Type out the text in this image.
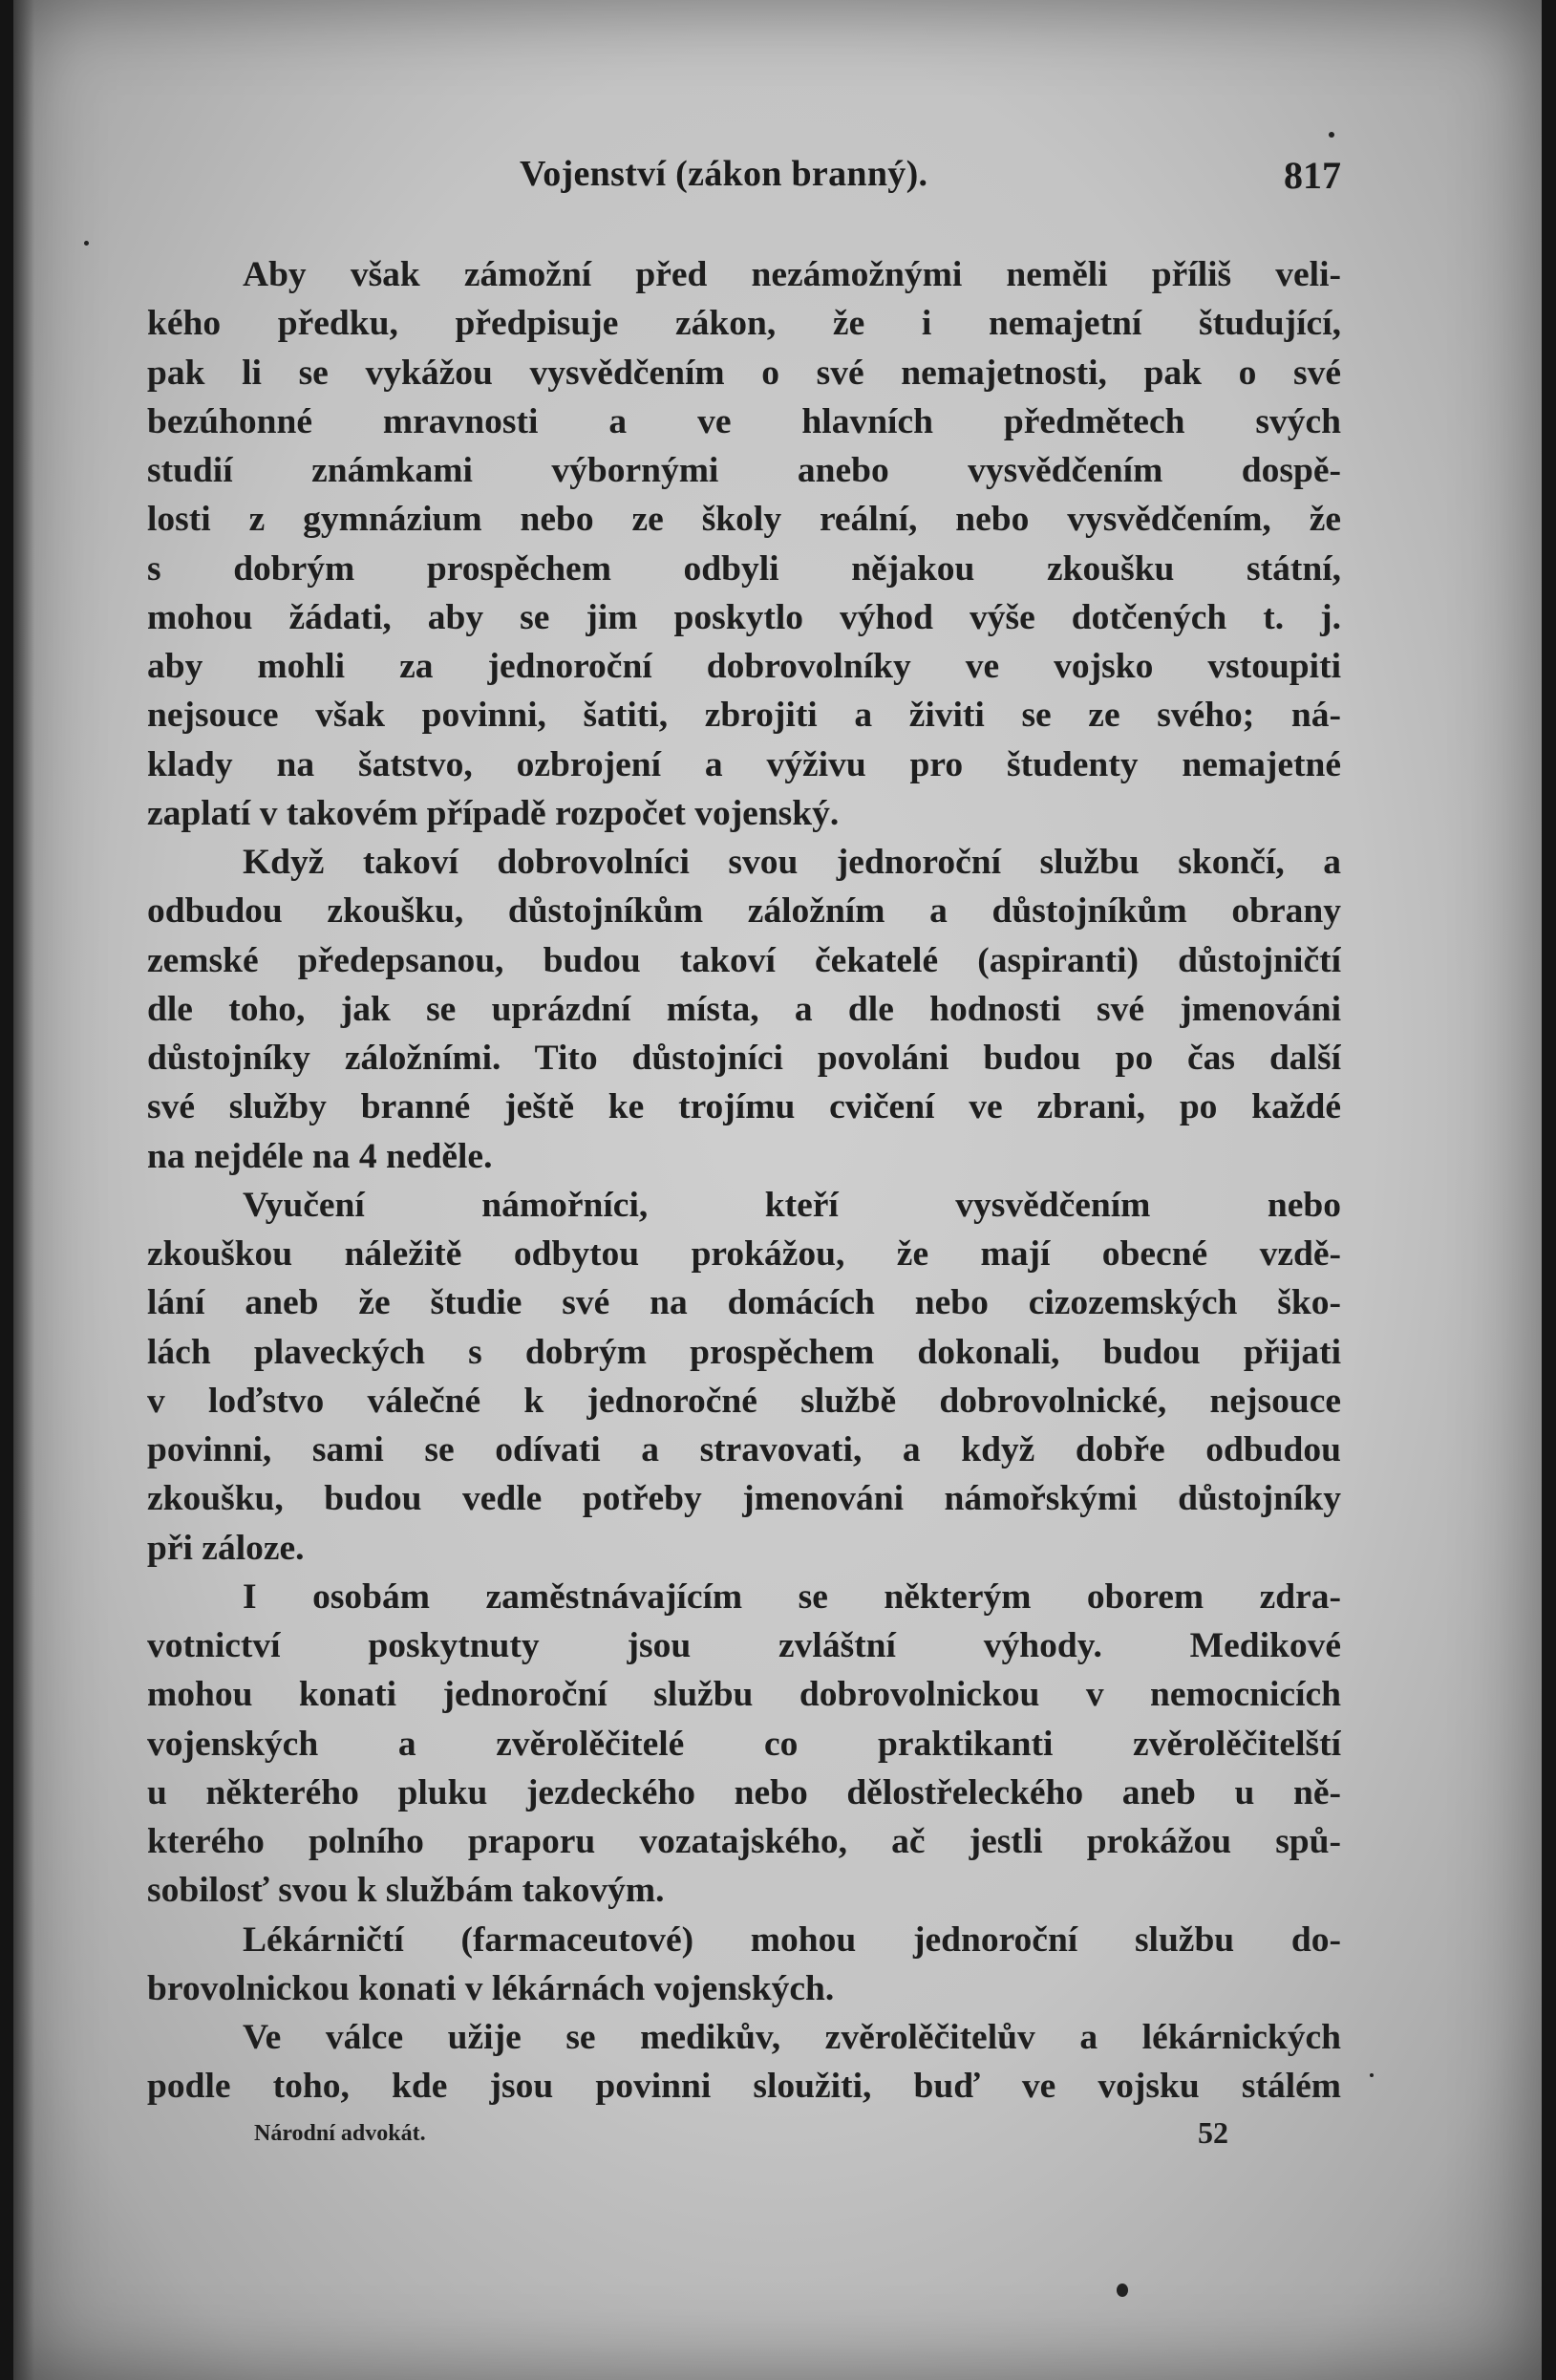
Vojenství (zákon branný).	817
Aby však zámožní před nezámožnými neměli příliš veli-
kého předku, předpisuje zákon, že i nemajetní študující,
pak li se vykážou vysvědčením o své nemajetnosti, pak o své
bezúhonné mravnosti a ve hlavních předmětech svých
studií známkami výbornými anebo vysvědčením dospě-
losti z gymnázium nebo ze školy reální, nebo vysvědčením, že
s dobrým prospěchem odbyli nějakou zkoušku státní,
mohou žádati, aby se jim poskytlo výhod výše dotčených t. j.
aby mohli za jednoroční dobrovolníky ve vojsko vstoupiti
nejsouce však povinni, šatiti, zbrojiti a živiti se ze svého; ná-
klady na šatstvo, ozbrojení a výživu pro študenty nemajetné
zaplatí v takovém případě rozpočet vojenský.
Když takoví dobrovolníci svou jednoroční službu skončí, a
odbudou zkoušku, důstojníkům záložním a důstojníkům obrany
zemské předepsanou, budou takoví čekatelé (aspiranti) důstojničtí
dle toho, jak se uprázdní místa, a dle hodnosti své jmenováni
důstojníky záložními. Tito důstojníci povoláni budou po čas další
své služby branné ještě ke trojímu cvičení ve zbrani, po každé
na nejdéle na 4 neděle.
Vyučení námořníci, kteří vysvědčením nebo
zkouškou náležitě odbytou prokážou, že mají obecné vzdě-
lání aneb že študie své na domácích nebo cizozemských ško-
lách plaveckých s dobrým prospěchem dokonali, budou přijati
v loďstvo válečné k jednoročné službě dobrovolnické, nejsouce
povinni, sami se odívati a stravovati, a když dobře odbudou
zkoušku, budou vedle potřeby jmenováni námořskými důstojníky
při záloze.
I osobám zaměstnávajícím se některým oborem zdra-
votnictví poskytnuty jsou zvláštní výhody. Medikové
mohou konati jednoroční službu dobrovolnickou v nemocnicích
vojenských a zvěrolěčitelé co praktikanti zvěrolěčitelští
u některého pluku jezdeckého nebo dělostřeleckého aneb u ně-
kterého polního praporu vozatajského, ač jestli prokážou spů-
sobilosť svou k službám takovým.
Lékárničtí (farmaceutové) mohou jednoroční službu do-
brovolnickou konati v lékárnách vojenských.
Ve válce užije se medikův, zvěrolěčitelův a lékárnických
podle toho, kde jsou povinni sloužiti, buď ve vojsku stálém
Národní advokát.	52
